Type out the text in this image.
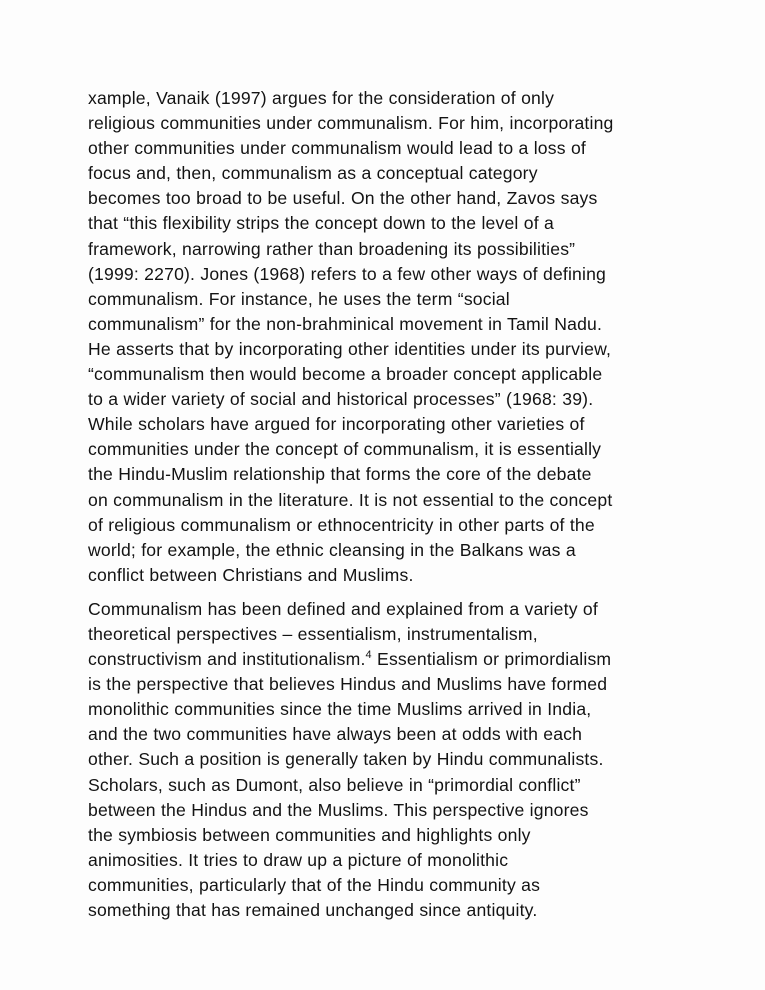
xample, Vanaik (1997) argues for the consideration of only
religious communities under communalism. For him, incorporating
other communities under communalism would lead to a loss of
focus and, then, communalism as a conceptual category
becomes too broad to be useful. On the other hand, Zavos says
that “this flexibility strips the concept down to the level of a
framework, narrowing rather than broadening its possibilities”
(1999: 2270). Jones (1968) refers to a few other ways of defining
communalism. For instance, he uses the term “social
communalism” for the non-brahminical movement in Tamil Nadu.
He asserts that by incorporating other identities under its purview,
“communalism then would become a broader concept applicable
to a wider variety of social and historical processes” (1968: 39).
While scholars have argued for incorporating other varieties of
communities under the concept of communalism, it is essentially
the Hindu-Muslim relationship that forms the core of the debate
on communalism in the literature. It is not essential to the concept
of religious communalism or ethnocentricity in other parts of the
world; for example, the ethnic cleansing in the Balkans was a
conflict between Christians and Muslims.

Communalism has been defined and explained from a variety of
theoretical perspectives – essentialism, instrumentalism,
constructivism and institutionalism.$^4$ Essentialism or primordialism
is the perspective that believes Hindus and Muslims have formed
monolithic communities since the time Muslims arrived in India,
and the two communities have always been at odds with each
other. Such a position is generally taken by Hindu communalists.
Scholars, such as Dumont, also believe in “primordial conflict”
between the Hindus and the Muslims. This perspective ignores
the symbiosis between communities and highlights only
animosities. It tries to draw up a picture of monolithic
communities, particularly that of the Hindu community as
something that has remained unchanged since antiquity.
